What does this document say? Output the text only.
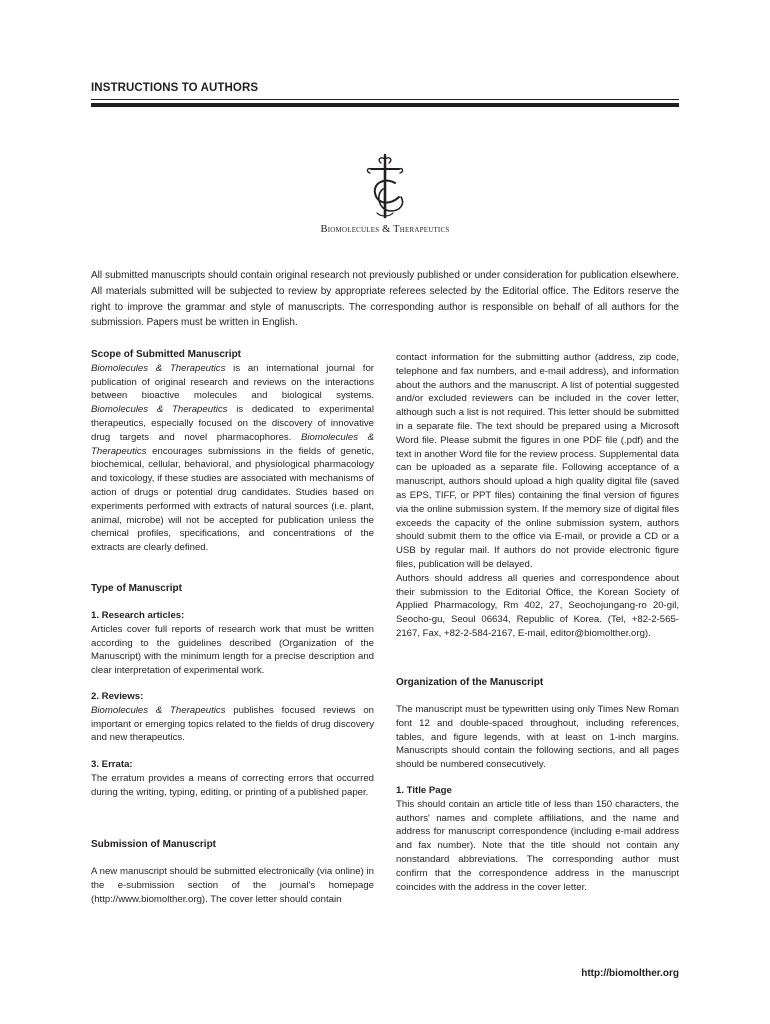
INSTRUCTIONS TO AUTHORS
Biomolecules & Therapeutics
All submitted manuscripts should contain original research not previously published or under consideration for publication elsewhere. All materials submitted will be subjected to review by appropriate referees selected by the Editorial office. The Editors reserve the right to improve the grammar and style of manuscripts. The corresponding author is responsible on behalf of all authors for the submission. Papers must be written in English.

Scope of Submitted Manuscript

Biomolecules & Therapeutics is an international journal for publication of original research and reviews on the interactions between bioactive molecules and biological systems. Biomolecules & Therapeutics is dedicated to experimental therapeutics, especially focused on the discovery of innovative drug targets and novel pharmacophores. Biomolecules & Therapeutics encourages submissions in the fields of genetic, biochemical, cellular, behavioral, and physiological pharmacology and toxicology, if these studies are associated with mechanisms of action of drugs or potential drug candidates. Studies based on experiments performed with extracts of natural sources (i.e. plant, animal, microbe) will not be accepted for publication unless the chemical profiles, specifications, and concentrations of the extracts are clearly defined.

Type of Manuscript

1. Research articles:

Articles cover full reports of research work that must be written according to the guidelines described (Organization of the Manuscript) with the minimum length for a precise description and clear interpretation of experimental work.

2. Reviews:

Biomolecules & Therapeutics publishes focused reviews on important or emerging topics related to the fields of drug discovery and new therapeutics.

3. Errata:

The erratum provides a means of correcting errors that occurred during the writing, typing, editing, or printing of a published paper.

Submission of Manuscript

A new manuscript should be submitted electronically (via online) in the e-submission section of the journal's homepage (http://www.biomolther.org). The cover letter should contain

contact information for the submitting author (address, zip code, telephone and fax numbers, and e-mail address), and information about the authors and the manuscript. A list of potential suggested and/or excluded reviewers can be included in the cover letter, although such a list is not required. This letter should be submitted in a separate file. The text should be prepared using a Microsoft Word file. Please submit the figures in one PDF file (.pdf) and the text in another Word file for the review process. Supplemental data can be uploaded as a separate file. Following acceptance of a manuscript, authors should upload a high quality digital file (saved as EPS, TIFF, or PPT files) containing the final version of figures via the online submission system. If the memory size of digital files exceeds the capacity of the online submission system, authors should submit them to the office via E-mail, or provide a CD or a USB by regular mail. If authors do not provide electronic figure files, publication will be delayed.

Authors should address all queries and correspondence about their submission to the Editorial Office, the Korean Society of Applied Pharmacology, Rm 402, 27, Seochojungang-ro 20-gil, Seocho-gu, Seoul 06634, Republic of Korea. (Tel, +82-2-565-2167, Fax, +82-2-584-2167, E-mail, editor@biomolther.org).

Organization of the Manuscript

The manuscript must be typewritten using only Times New Roman font 12 and double-spaced throughout, including references, tables, and figure legends, with at least on 1-inch margins. Manuscripts should contain the following sections, and all pages should be numbered consecutively.

1. Title Page

This should contain an article title of less than 150 characters, the authors' names and complete affiliations, and the name and address for manuscript correspondence (including e-mail address and fax number). Note that the title should not contain any nonstandard abbreviations. The corresponding author must confirm that the correspondence address in the manuscript coincides with the address in the cover letter.

http://biomolther.org
